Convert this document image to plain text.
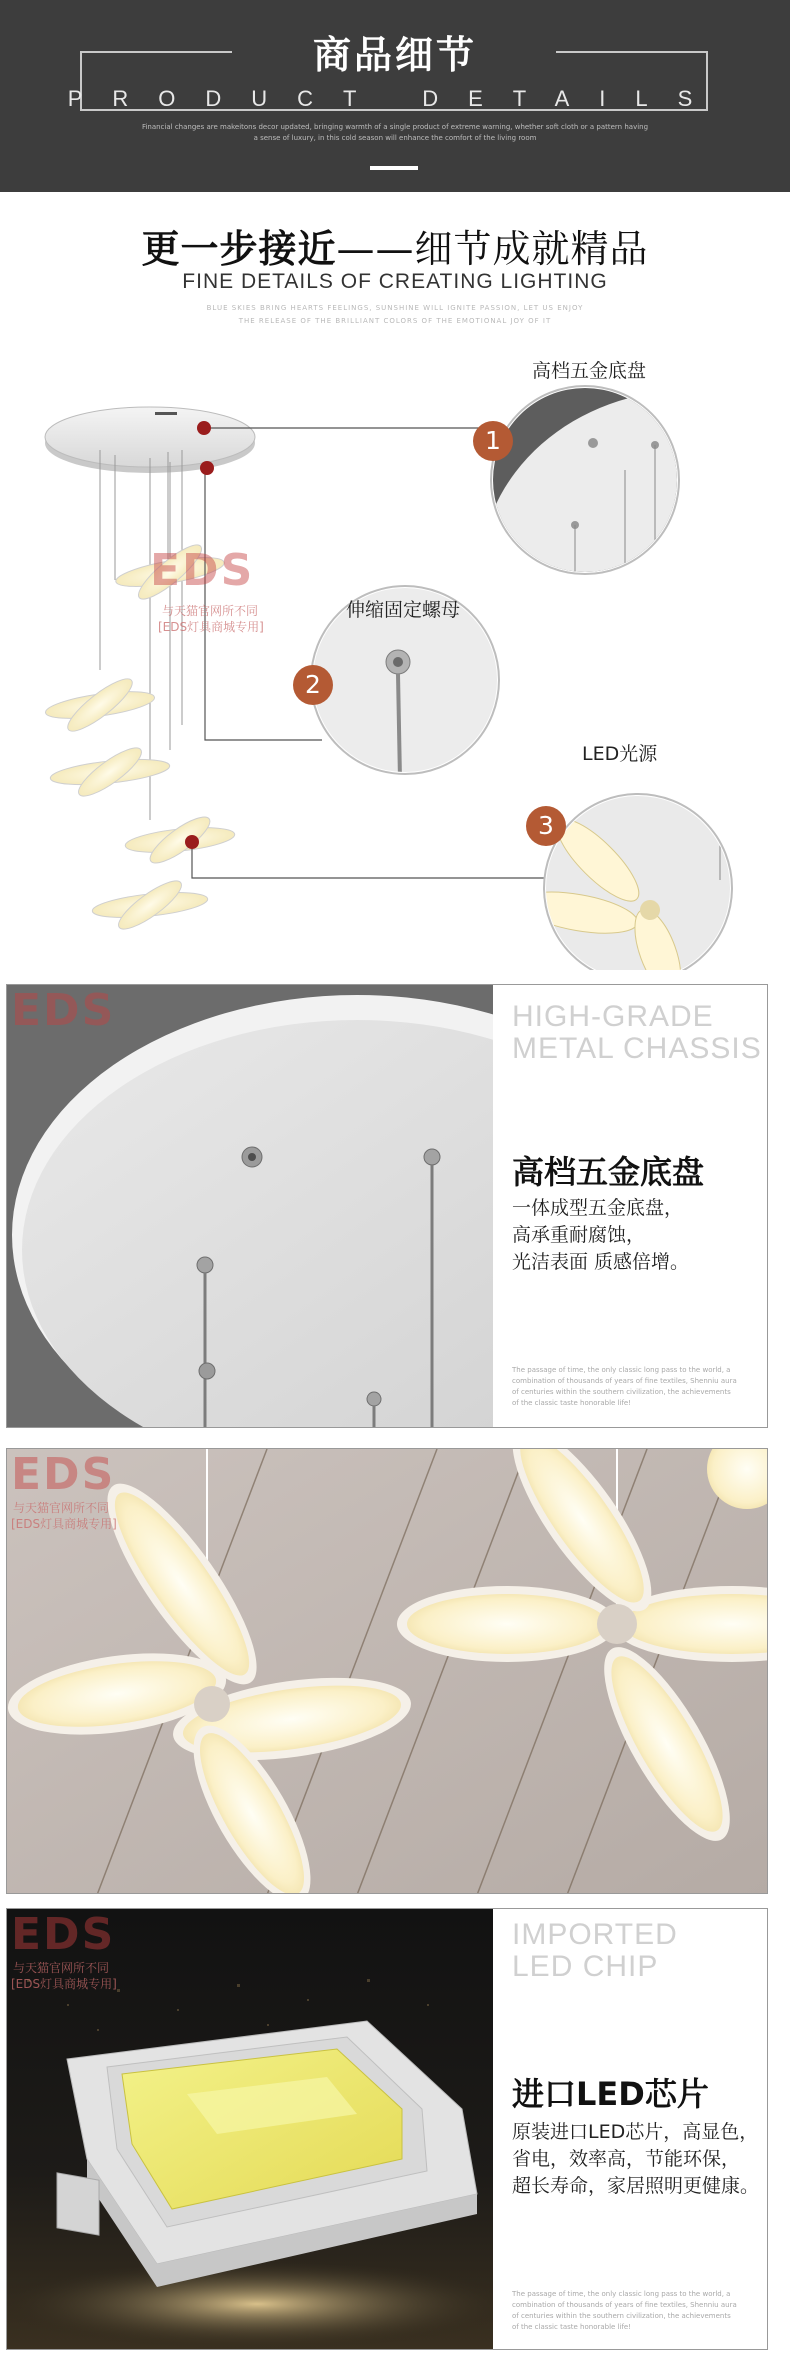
商品细节
PRODUCT DETAILS
Financial changes are makeitons decor updated, bringing warmth of a single product of extreme warning, whether soft cloth or a pattern having a sense of luxury, in this cold season will enhance the comfort of the living room
更一步接近——细节成就精品
FINE DETAILS OF CREATING LIGHTING
BLUE SKIES BRING HEARTS FEELINGS, SUNSHINE WILL IGNITE PASSION, LET US ENJOY
THE RELEASE OF THE BRILLIANT COLORS OF THE EMOTIONAL JOY OF IT
EDS
与天猫官网所不同
[EDS灯具商城专用]
高档五金底盘
1
伸缩固定螺母
2
LED光源
3
EDS	HIGH-GRADE
METAL CHASSIS
高档五金底盘
一体成型五金底盘，
高承重耐腐蚀，
光洁表面 质感倍增。
The passage of time, the only classic long pass to the world, a combination of thousands of years of fine textiles, Shenniu aura of centuries within the southern civilization, the achievements of the classic taste honorable life!
EDS
与天猫官网所不同
[EDS灯具商城专用]
EDS
与天猫官网所不同
[EDS灯具商城专用]
IMPORTED
LED CHIP
进口LED芯片
原装进口LED芯片，高显色，
省电，效率高，节能环保，
超长寿命，家居照明更健康。
The passage of time, the only classic long pass to the world, a combination of thousands of years of fine textiles, Shenniu aura of centuries within the southern civilization, the achievements of the classic taste honorable life!
